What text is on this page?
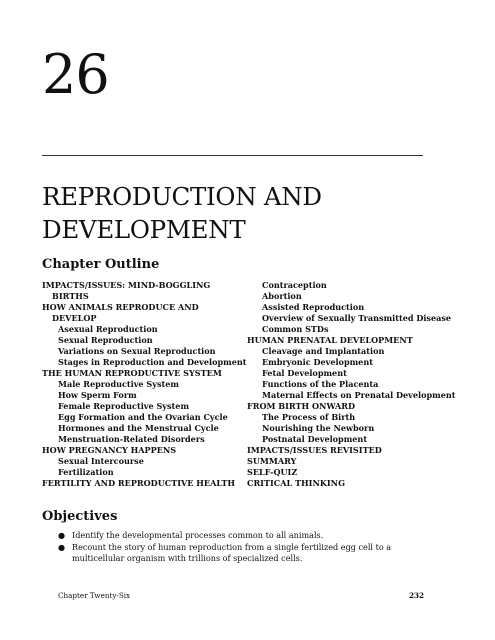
26
REPRODUCTION AND DEVELOPMENT
Chapter Outline
IMPACTS/ISSUES: MIND-BOGGLING
BIRTHS
HOW ANIMALS REPRODUCE AND
DEVELOP
Asexual Reproduction
Sexual Reproduction
Variations on Sexual Reproduction
Stages in Reproduction and Development
THE HUMAN REPRODUCTIVE SYSTEM
Male Reproductive System
How Sperm Form
Female Reproductive System
Egg Formation and the Ovarian Cycle
Hormones and the Menstrual Cycle
Menstruation-Related Disorders
HOW PREGNANCY HAPPENS
Sexual Intercourse
Fertilization
FERTILITY AND REPRODUCTIVE HEALTH
Contraception
Abortion
Assisted Reproduction
Overview of Sexually Transmitted Disease
Common STDs
HUMAN PRENATAL DEVELOPMENT
Cleavage and Implantation
Embryonic Development
Fetal Development
Functions of the Placenta
Maternal Effects on Prenatal Development
FROM BIRTH ONWARD
The Process of Birth
Nourishing the Newborn
Postnatal Development
IMPACTS/ISSUES REVISITED
SUMMARY
SELF-QUIZ
CRITICAL THINKING
Objectives
● Identify the developmental processes common to all animals.
● Recount the story of human reproduction from a single fertilized egg cell to a multicellular organism with trillions of specialized cells.
Chapter Twenty-Six	232
